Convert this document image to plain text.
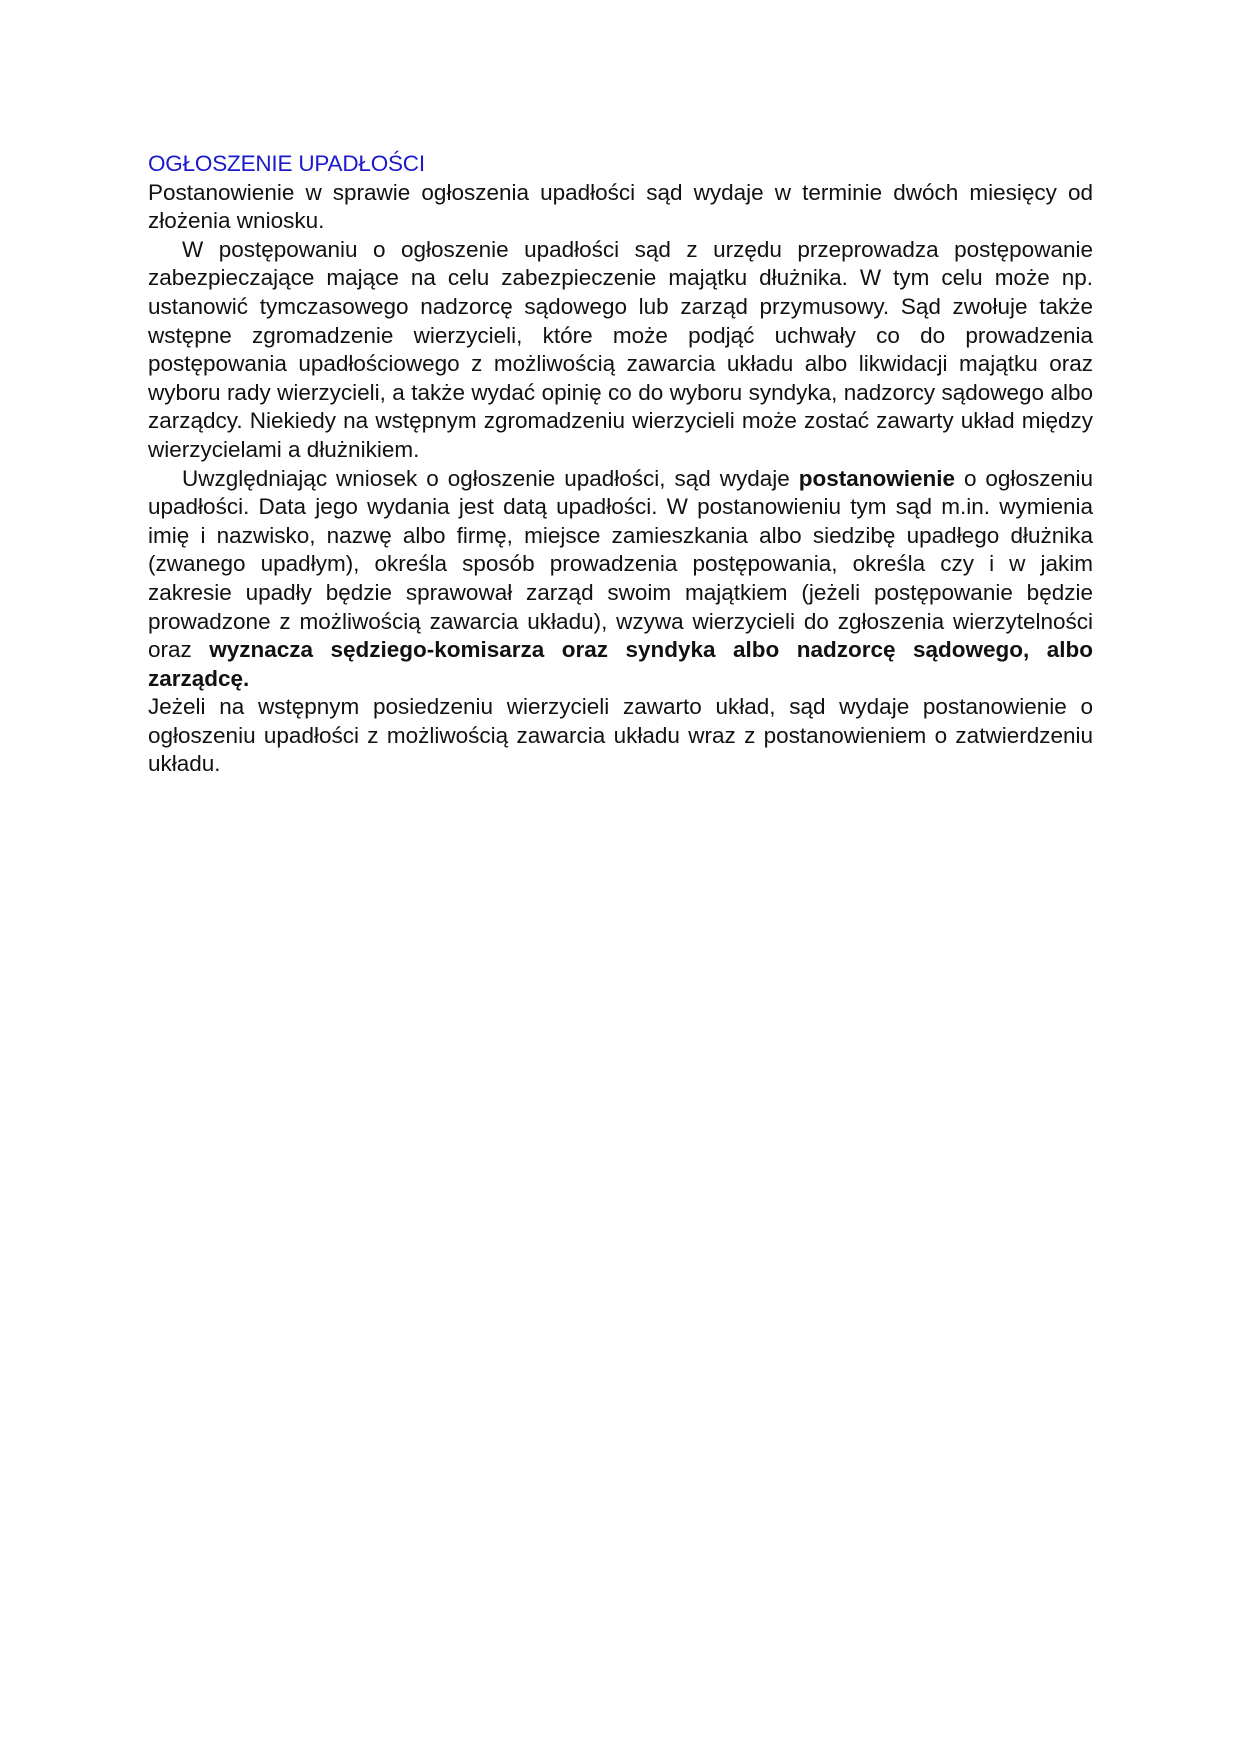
OGŁOSZENIE UPADŁOŚCI

Postanowienie w sprawie ogłoszenia upadłości sąd wydaje w terminie dwóch miesięcy od złożenia wniosku.

W postępowaniu o ogłoszenie upadłości sąd z urzędu przeprowadza postępowanie zabezpieczające mające na celu zabezpieczenie majątku dłużnika. W tym celu może np. ustanowić tymczasowego nadzorcę sądowego lub zarząd przymusowy. Sąd zwołuje także wstępne zgromadzenie wierzycieli, które może podjąć uchwały co do prowadzenia postępowania upadłościowego z możliwością zawarcia układu albo likwidacji majątku oraz wyboru rady wierzycieli, a także wydać opinię co do wyboru syndyka, nadzorcy sądowego albo zarządcy. Niekiedy na wstępnym zgromadzeniu wierzycieli może zostać zawarty układ między wierzycielami a dłużnikiem.

Uwzględniając wniosek o ogłoszenie upadłości, sąd wydaje postanowienie o ogłoszeniu upadłości. Data jego wydania jest datą upadłości. W postanowieniu tym sąd m.in. wymienia imię i nazwisko, nazwę albo firmę, miejsce zamieszkania albo siedzibę upadłego dłużnika (zwanego upadłym), określa sposób prowadzenia postępowania, określa czy i w jakim zakresie upadły będzie sprawował zarząd swoim majątkiem (jeżeli postępowanie będzie prowadzone z możliwością zawarcia układu), wzywa wierzycieli do zgłoszenia wierzytelności oraz wyznacza sędziego-komisarza oraz syndyka albo nadzorcę sądowego, albo zarządcę.

Jeżeli na wstępnym posiedzeniu wierzycieli zawarto układ, sąd wydaje postanowienie o ogłoszeniu upadłości z możliwością zawarcia układu wraz z postanowieniem o zatwierdzeniu układu.
